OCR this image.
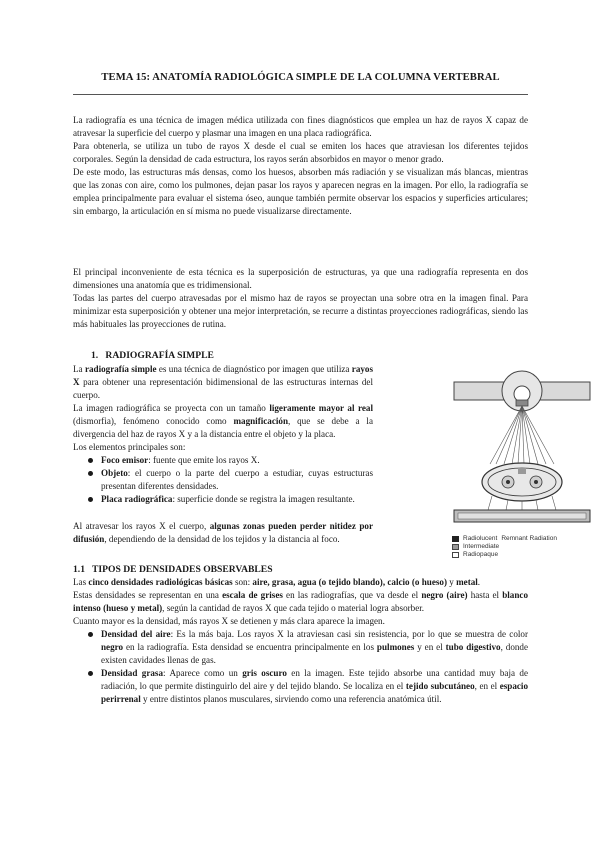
TEMA 15: ANATOMÍA RADIOLÓGICA SIMPLE DE LA COLUMNA VERTEBRAL

La radiografía es una técnica de imagen médica utilizada con fines diagnósticos que emplea un haz de rayos X capaz de atravesar la superficie del cuerpo y plasmar una imagen en una placa radiográfica.

Para obtenerla, se utiliza un tubo de rayos X desde el cual se emiten los haces que atraviesan los diferentes tejidos corporales. Según la densidad de cada estructura, los rayos serán absorbidos en mayor o menor grado.

De este modo, las estructuras más densas, como los huesos, absorben más radiación y se visualizan más blancas, mientras que las zonas con aire, como los pulmones, dejan pasar los rayos y aparecen negras en la imagen. Por ello, la radiografía se emplea principalmente para evaluar el sistema óseo, aunque también permite observar los espacios y superficies articulares; sin embargo, la articulación en sí misma no puede visualizarse directamente.

El principal inconveniente de esta técnica es la superposición de estructuras, ya que una radiografía representa en dos dimensiones una anatomía que es tridimensional.

Todas las partes del cuerpo atravesadas por el mismo haz de rayos se proyectan una sobre otra en la imagen final. Para minimizar esta superposición y obtener una mejor interpretación, se recurre a distintas proyecciones radiográficas, siendo las más habituales las proyecciones de rutina.

1. RADIOGRAFÍA SIMPLE

La radiografía simple es una técnica de diagnóstico por imagen que utiliza rayos X para obtener una representación bidimensional de las estructuras internas del cuerpo.

La imagen radiográfica se proyecta con un tamaño ligeramente mayor al real (dismorfia), fenómeno conocido como magnificación, que se debe a la divergencia del haz de rayos X y a la distancia entre el objeto y la placa.

Los elementos principales son:

Foco emisor: fuente que emite los rayos X.
Objeto: el cuerpo o la parte del cuerpo a estudiar, cuyas estructuras presentan diferentes densidades.
Placa radiográfica: superficie donde se registra la imagen resultante.

Al atravesar los rayos X el cuerpo, algunas zonas pueden perder nitidez por difusión, dependiendo de la densidad de los tejidos y la distancia al foco.

1.1 TIPOS DE DENSIDADES OBSERVABLES

Las cinco densidades radiológicas básicas son: aire, grasa, agua (o tejido blando), calcio (o hueso) y metal.

Estas densidades se representan en una escala de grises en las radiografías, que va desde el negro (aire) hasta el blanco intenso (hueso y metal), según la cantidad de rayos X que cada tejido o material logra absorber.

Cuanto mayor es la densidad, más rayos X se detienen y más clara aparece la imagen.

Densidad del aire: Es la más baja. Los rayos X la atraviesan casi sin resistencia, por lo que se muestra de color negro en la radiografía. Esta densidad se encuentra principalmente en los pulmones y en el tubo digestivo, donde existen cavidades llenas de gas.
Densidad grasa: Aparece como un gris oscuro en la imagen. Este tejido absorbe una cantidad muy baja de radiación, lo que permite distinguirlo del aire y del tejido blando. Se localiza en el tejido subcutáneo, en el espacio perirrenal y entre distintos planos musculares, sirviendo como una referencia anatómica útil.
Radiolucent Remnant Radiation
Intermediate
Radiopaque
